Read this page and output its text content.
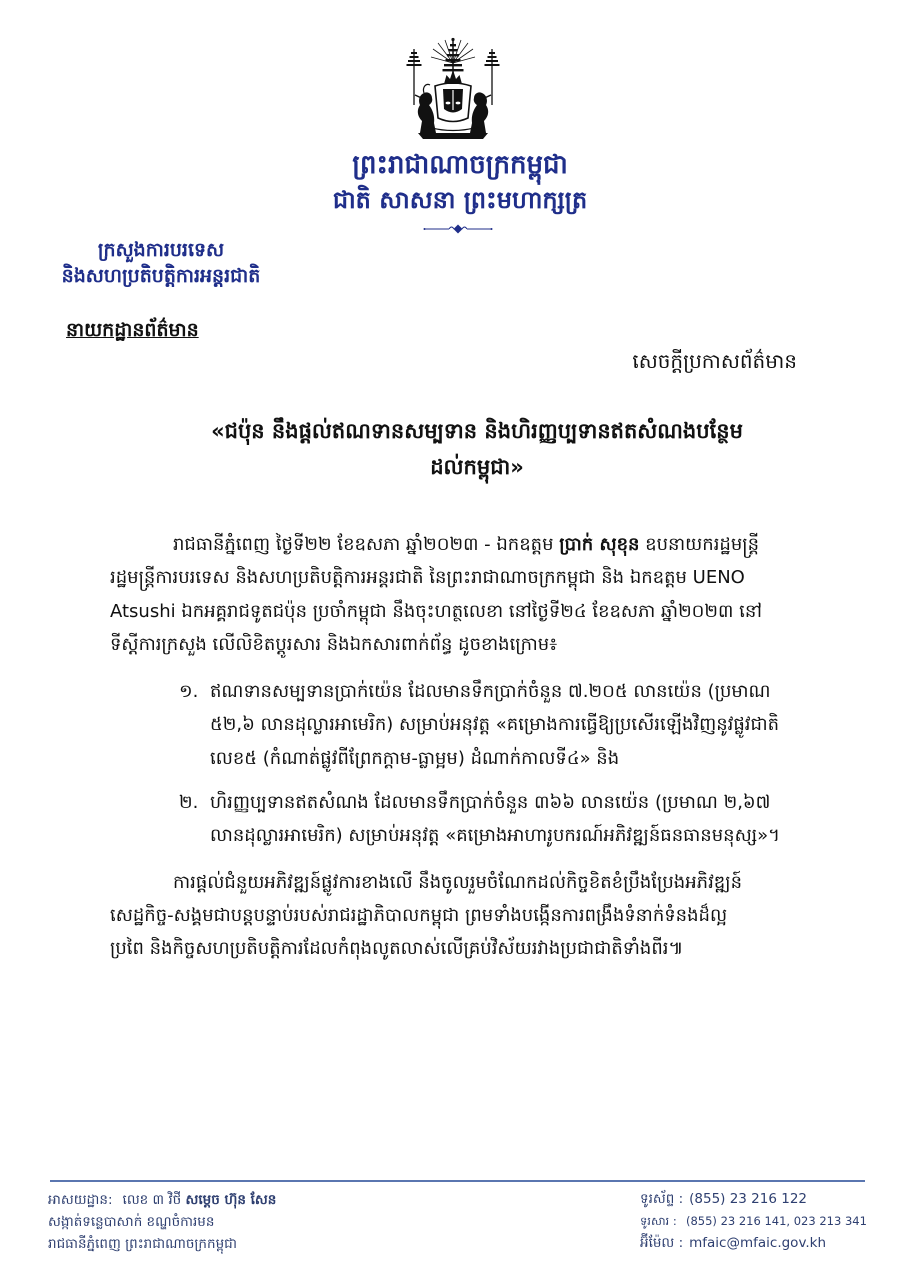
ព្រះរាជាណាចក្រកម្ពុជា
ជាតិ សាសនា ព្រះមហាក្សត្រ
ក្រសួងការបរទេស
និងសហប្រតិបត្តិការអន្តរជាតិ
នាយកដ្ឋានព័ត៌មាន
សេចក្តីប្រកាសព័ត៌មាន
«ជប៉ុន នឹងផ្តល់ឥណទានសម្បទាន និងហិរញ្ញប្បទានឥតសំណងបន្ថែម
ដល់កម្ពុជា»
រាជធានីភ្នំពេញ ថ្ងៃទី២២ ខែឧសភា ឆ្នាំ២០២៣ - ឯកឧត្តម ប្រាក់ សុខុន ឧបនាយករដ្ឋមន្ត្រី
រដ្ឋមន្ត្រីការបរទេស និងសហប្រតិបត្តិការអន្តរជាតិ នៃព្រះរាជាណាចក្រកម្ពុជា និង ឯកឧត្តម UENO
Atsushi ឯកអគ្គរាជទូតជប៉ុន ប្រចាំកម្ពុជា នឹងចុះហត្ថលេខា នៅថ្ងៃទី២៤ ខែឧសភា ឆ្នាំ២០២៣ នៅ
ទីស្តីការក្រសួង លើលិខិតប្តូរសារ និងឯកសារពាក់ព័ន្ធ ដូចខាងក្រោម៖
១. ឥណទានសម្បទានប្រាក់យ៉េន ដែលមានទឹកប្រាក់ចំនួន ៧.២០៥ លានយ៉េន (ប្រមាណ
៥២,៦ លានដុល្លារអាមេរិក) សម្រាប់អនុវត្ត «គម្រោងការធ្វើឱ្យប្រសើរឡើងវិញនូវផ្លូវជាតិ
លេខ៥ (កំណាត់ផ្លូវពីព្រែកក្តាម-ធ្លាម្អម) ដំណាក់កាលទី៤» និង
២. ហិរញ្ញប្បទានឥតសំណង ដែលមានទឹកប្រាក់ចំនួន ៣៦៦ លានយ៉េន (ប្រមាណ ២,៦៧
លានដុល្លារអាមេរិក) សម្រាប់អនុវត្ត «គម្រោងអាហារូបករណ៍អភិវឌ្ឍន៍ធនធានមនុស្ស»។
ការផ្តល់ជំនួយអភិវឌ្ឍន៍ផ្លូវការខាងលើ នឹងចូលរួមចំណែកដល់កិច្ចខិតខំប្រឹងប្រែងអភិវឌ្ឍន៍
សេដ្ឋកិច្ច-សង្គមជាបន្តបន្ទាប់របស់រាជរដ្ឋាភិបាលកម្ពុជា ព្រមទាំងបង្កើនការពង្រឹងទំនាក់ទំនងដ៏ល្អ
ប្រពៃ និងកិច្ចសហប្រតិបត្តិការដែលកំពុងលូតលាស់លើគ្រប់វិស័យរវាងប្រជាជាតិទាំងពីរ៕
អាសយដ្ឋាន: លេខ ៣ វិថី សម្តេច ហ៊ុន សែន
សង្កាត់ទន្លេបាសាក់ ខណ្ឌចំការមន
រាជធានីភ្នំពេញ ព្រះរាជាណាចក្រកម្ពុជា
ទូរស័ព្ទ : (855) 23 216 122
ទូរសារ : (855) 23 216 141, 023 213 341
អ៊ីម៉ែល : mfaic@mfaic.gov.kh
